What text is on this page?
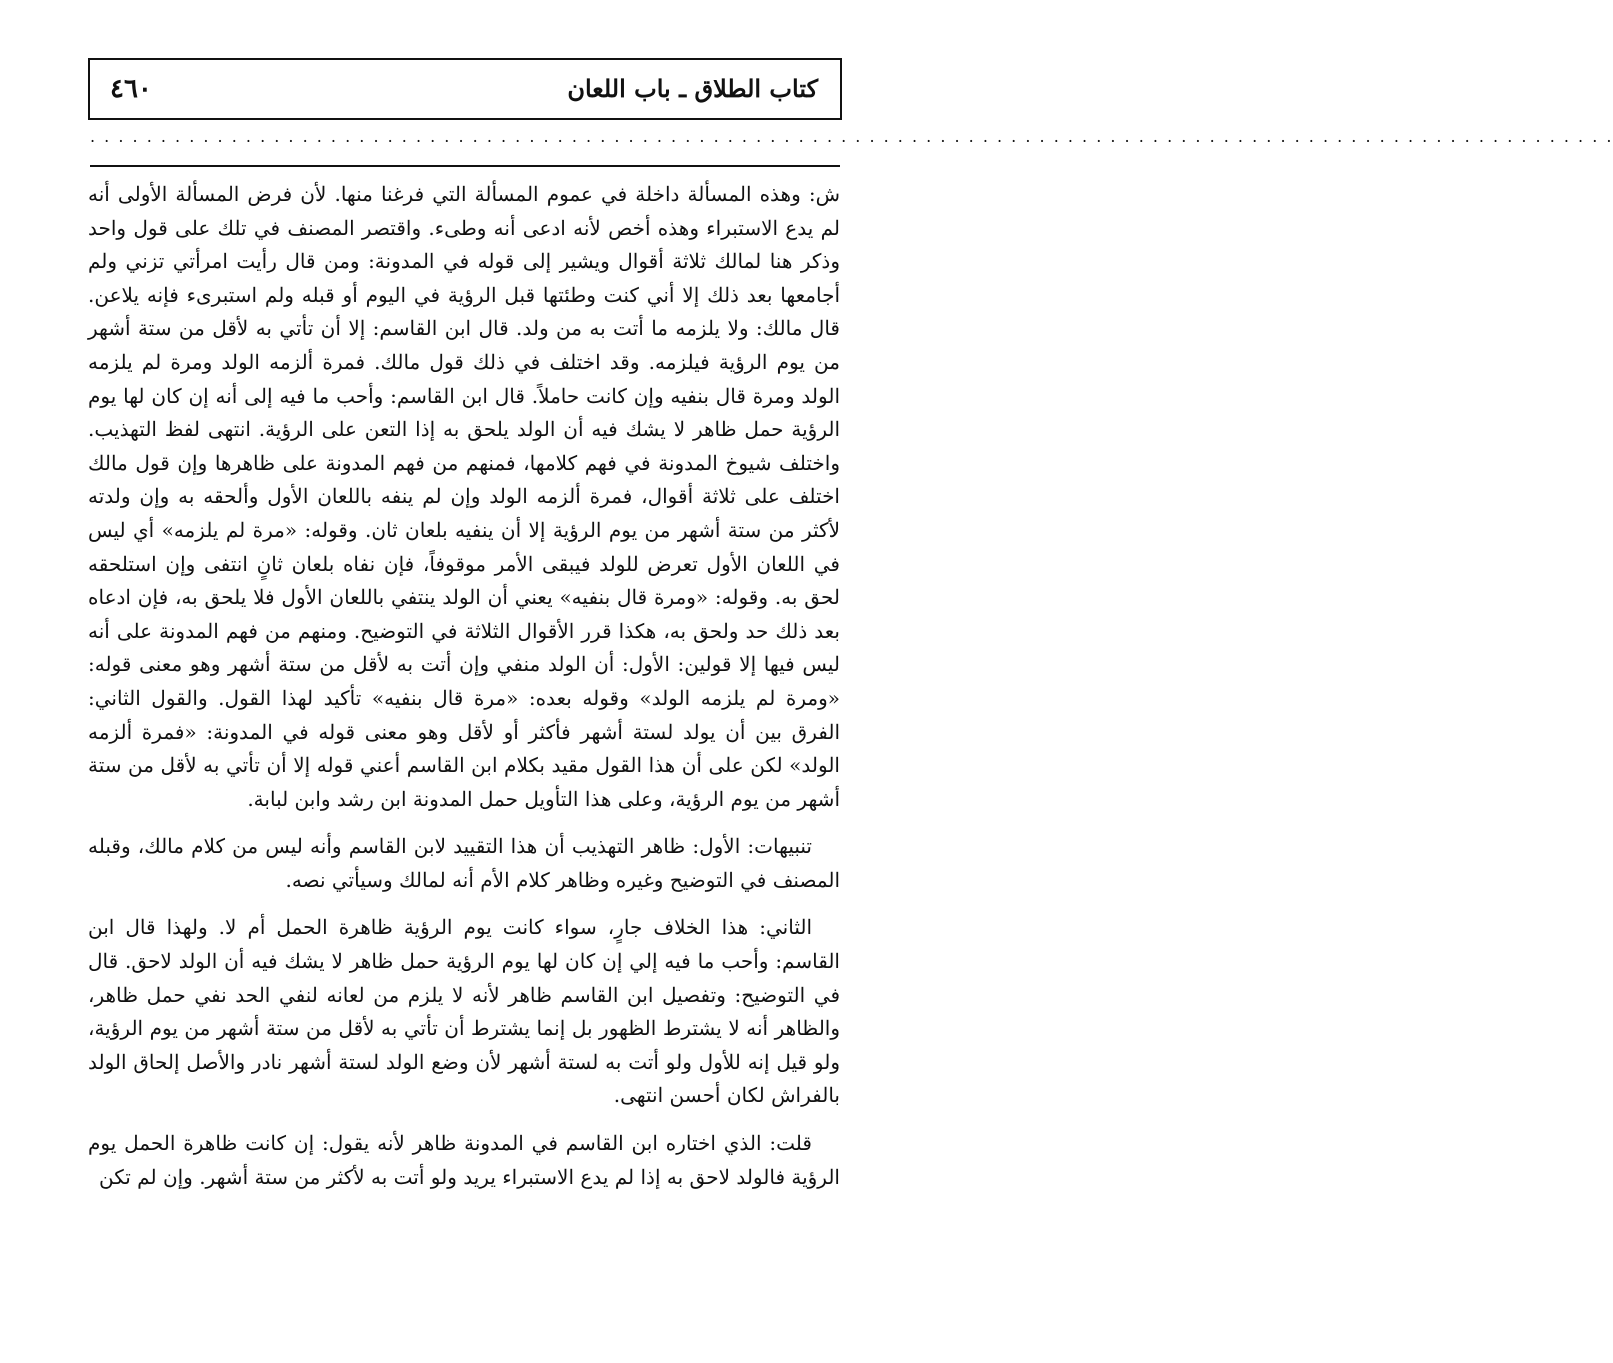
٤٦٠	كتاب الطلاق ـ باب اللعان
. . . . . . . . . . . . . . . . . . . . . . . . . . . . . . . . . . . . . . . . . . . . . . . . . . . . . . . . . . . . . . . . . . . . . . . . . . . . . . . . . . . . . . . . . . . . . . . . . . . . . . . . . . . .

ش: وهذه المسألة داخلة في عموم المسألة التي فرغنا منها. لأن فرض المسألة الأولى أنه لم يدع الاستبراء وهذه أخص لأنه ادعى أنه وطىء. واقتصر المصنف في تلك على قول واحد وذكر هنا لمالك ثلاثة أقوال ويشير إلى قوله في المدونة: ومن قال رأيت امرأتي تزني ولم أجامعها بعد ذلك إلا أني كنت وطئتها قبل الرؤية في اليوم أو قبله ولم استبرىء فإنه يلاعن. قال مالك: ولا يلزمه ما أتت به من ولد. قال ابن القاسم: إلا أن تأتي به لأقل من ستة أشهر من يوم الرؤية فيلزمه. وقد اختلف في ذلك قول مالك. فمرة ألزمه الولد ومرة لم يلزمه الولد ومرة قال بنفيه وإن كانت حاملاً. قال ابن القاسم: وأحب ما فيه إلى أنه إن كان لها يوم الرؤية حمل ظاهر لا يشك فيه أن الولد يلحق به إذا التعن على الرؤية. انتهى لفظ التهذيب. واختلف شيوخ المدونة في فهم كلامها، فمنهم من فهم المدونة على ظاهرها وإن قول مالك اختلف على ثلاثة أقوال، فمرة ألزمه الولد وإن لم ينفه باللعان الأول وألحقه به وإن ولدته لأكثر من ستة أشهر من يوم الرؤية إلا أن ينفيه بلعان ثان. وقوله: «مرة لم يلزمه» أي ليس في اللعان الأول تعرض للولد فيبقى الأمر موقوفاً، فإن نفاه بلعان ثانٍ انتفى وإن استلحقه لحق به. وقوله: «ومرة قال بنفيه» يعني أن الولد ينتفي باللعان الأول فلا يلحق به، فإن ادعاه بعد ذلك حد ولحق به، هكذا قرر الأقوال الثلاثة في التوضيح. ومنهم من فهم المدونة على أنه ليس فيها إلا قولين: الأول: أن الولد منفي وإن أتت به لأقل من ستة أشهر وهو معنى قوله: «ومرة لم يلزمه الولد» وقوله بعده: «مرة قال بنفيه» تأكيد لهذا القول. والقول الثاني: الفرق بين أن يولد لستة أشهر فأكثر أو لأقل وهو معنى قوله في المدونة: «فمرة ألزمه الولد» لكن على أن هذا القول مقيد بكلام ابن القاسم أعني قوله إلا أن تأتي به لأقل من ستة أشهر من يوم الرؤية، وعلى هذا التأويل حمل المدونة ابن رشد وابن لبابة.

تنبيهات: الأول: ظاهر التهذيب أن هذا التقييد لابن القاسم وأنه ليس من كلام مالك، وقبله المصنف في التوضيح وغيره وظاهر كلام الأم أنه لمالك وسيأتي نصه.

الثاني: هذا الخلاف جارٍ، سواء كانت يوم الرؤية ظاهرة الحمل أم لا. ولهذا قال ابن القاسم: وأحب ما فيه إلي إن كان لها يوم الرؤية حمل ظاهر لا يشك فيه أن الولد لاحق. قال في التوضيح: وتفصيل ابن القاسم ظاهر لأنه لا يلزم من لعانه لنفي الحد نفي حمل ظاهر، والظاهر أنه لا يشترط الظهور بل إنما يشترط أن تأتي به لأقل من ستة أشهر من يوم الرؤية، ولو قيل إنه للأول ولو أتت به لستة أشهر لأن وضع الولد لستة أشهر نادر والأصل إلحاق الولد بالفراش لكان أحسن انتهى.

قلت: الذي اختاره ابن القاسم في المدونة ظاهر لأنه يقول: إن كانت ظاهرة الحمل يوم الرؤية فالولد لاحق به إذا لم يدع الاستبراء يريد ولو أتت به لأكثر من ستة أشهر. وإن لم تكن
